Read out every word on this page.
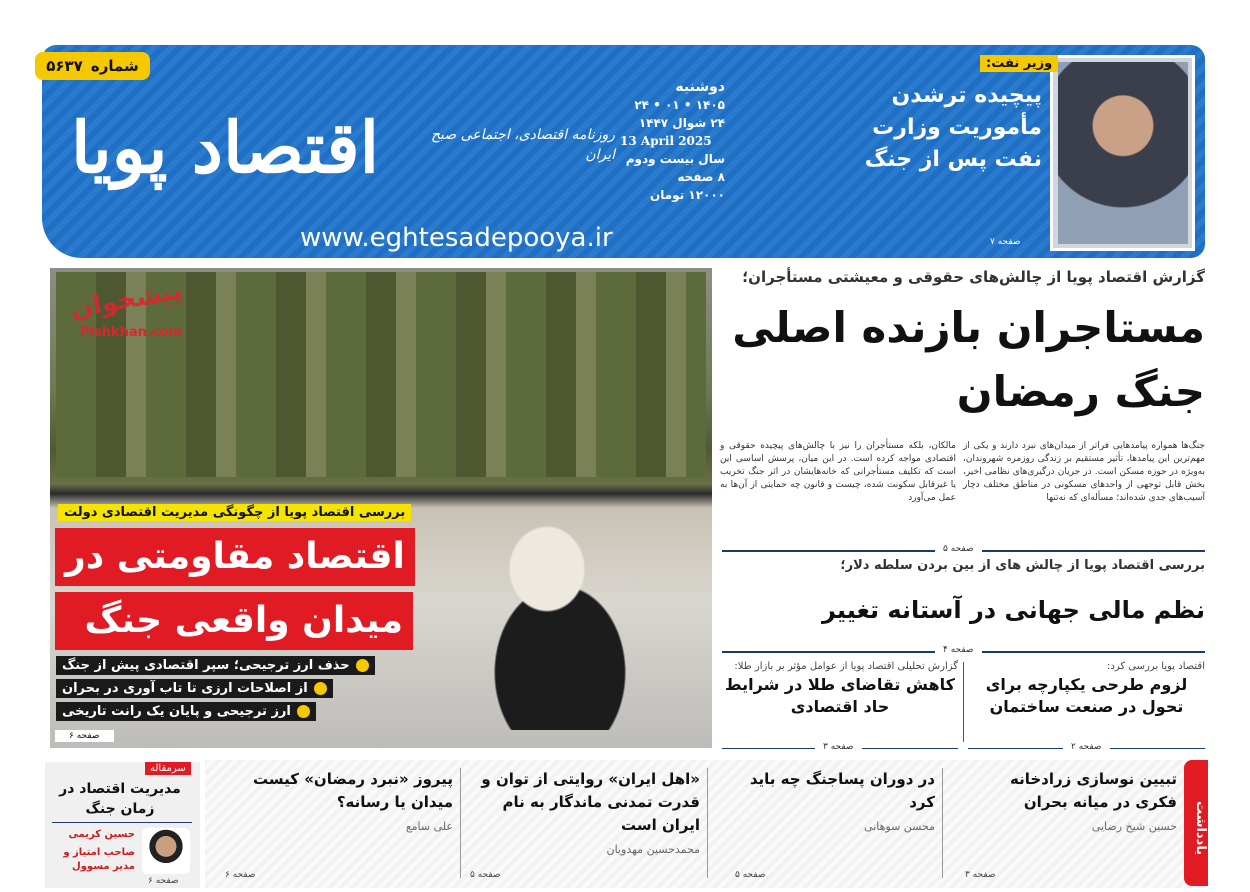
شماره
۵۶۳۷
اقتصاد پویا	روزنامه اقتصادی، اجتماعی صبح ایران
دوشنبه
۱۴۰۵ • ۰۱ • ۲۴
۲۴ شوال ۱۴۴۷
13 April 2025
سال بیست ودوم
۸ صفحه
۱۲۰۰۰ تومان
www.eghtesadepooya.ir
وزیر نفت:
پیچیده ترشدن مأموریت وزارت نفت پس از جنگ
صفحه ۷
پیشخوان
Pishkhan.com
بررسی اقتصاد پویا از چگونگی مدیریت اقتصادی دولت
میدان واقعی جنگ
اقتصاد مقاومتی در
حذف ارز ترجیحی؛ سپر اقتصادی پیش از جنگ
از اصلاحات ارزی تا تاب آوری در بحران
ارز ترجیحی و پایان یک رانت تاریخی
صفحه ۶
گزارش اقتصاد پویا از چالش‌های حقوقی و معیشتی مستأجران؛
مستاجران بازنده اصلی جنگ رمضان
جنگ‌ها همواره پیامدهایی فراتر از میدان‌های نبرد دارند و یکی از مهم‌ترین این پیامدها، تأثیر مستقیم بر زندگی روزمره شهروندان، به‌ویژه در حوزه مسکن است. در جریان درگیری‌های نظامی اخیر، بخش قابل توجهی از واحدهای مسکونی در مناطق مختلف دچار آسیب‌های جدی شده‌اند؛ مسأله‌ای که نه‌تنها
مالکان، بلکه مستأجران را نیز با چالش‌های پیچیده حقوقی و اقتصادی مواجه کرده است. در این میان، پرسش اساسی این است که تکلیف مستأجرانی که خانه‌هایشان در اثر جنگ تخریب یا غیرقابل سکونت شده، چیست و قانون چه حمایتی از آن‌ها به عمل می‌آورد
صفحه ۵
بررسی اقتصاد پویا از چالش های از بین بردن سلطه دلار؛
نظم مالی جهانی در آستانه تغییر
صفحه ۴
اقتصاد پویا بررسی کرد:
لزوم طرحی یکپارچه برای تحول در صنعت ساختمان
گزارش تحلیلی اقتصاد پویا از عوامل مؤثر بر بازار طلا:
کاهش تقاضای طلا در شرایط حاد اقتصادی
صفحه ۲
صفحه ۳
یادداشت
تبیین نوسازی زرادخانه فکری در میانه بحران
حسین شیخ رضایی
صفحه ۳
در دوران پساجنگ چه باید کرد
محسن سوهانی
صفحه ۵
«اهل ایران» روایتی از توان و قدرت تمدنی ماندگار به نام ایران است
محمدحسین مهدویان
صفحه ۵
پیروز «نبرد رمضان» کیست میدان یا رسانه؟
علی سامع
صفحه ۶
سرمقاله
مدیریت اقتصاد در زمان جنگ
حسین کریمی
صاحب امتیاز و مدیر مسوول
صفحه ۶
